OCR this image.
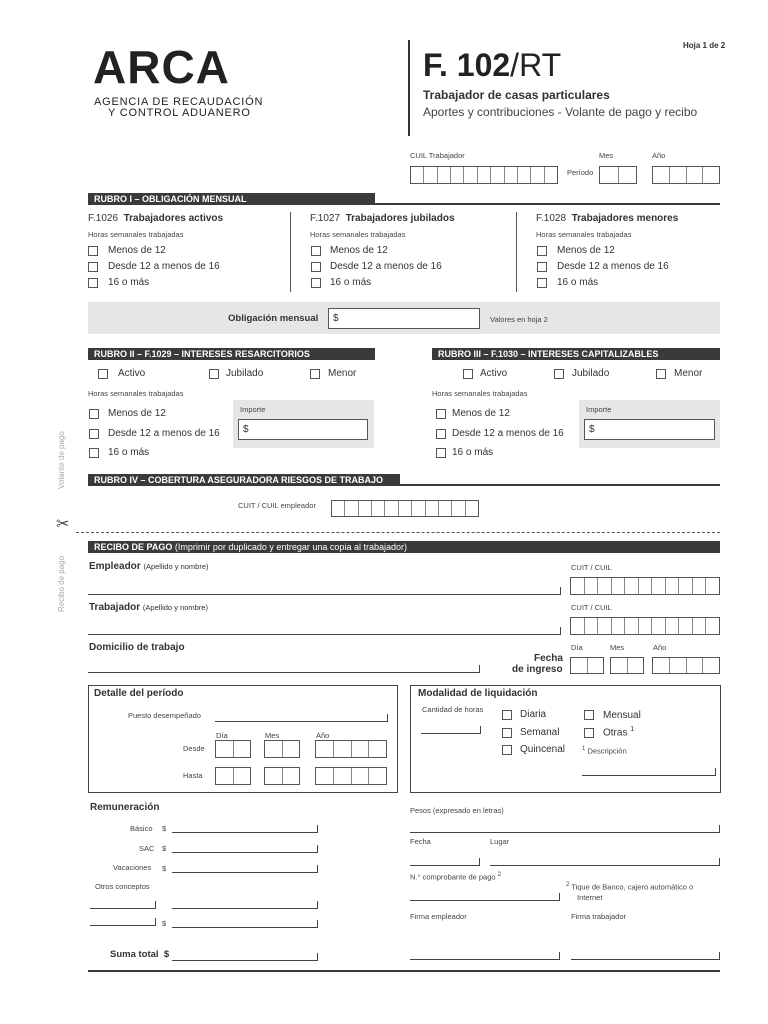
ARCA
AGENCIA DE RECAUDACIÓN
Y CONTROL ADUANERO
F. 102/RT
Hoja 1 de 2
Trabajador de casas particulares
Aportes y contribuciones - Volante de pago y recibo
CUIL Trabajador	Mes	Año
Período
RUBRO I – OBLIGACIÓN MENSUAL
F.1026 Trabajadores activos
Horas semanales trabajadas
Menos de 12
Desde 12 a menos de 16
16 o más
F.1027 Trabajadores jubilados
Horas semanales trabajadas
Menos de 12
Desde 12 a menos de 16
16 o más
F.1028 Trabajadores menores
Horas semanales trabajadas
Menos de 12
Desde 12 a menos de 16
16 o más
Obligación mensual $	Valores en hoja 2
RUBRO II – F.1029 – INTERESES RESARCITORIOS
Activo	Jubilado	Menor
Horas semanales trabajadas
Menos de 12
Desde 12 a menos de 16
16 o más
Importe
$
RUBRO III – F.1030 – INTERESES CAPITALIZABLES
Activo	Jubilado	Menor
Horas semanales trabajadas
Menos de 12
Desde 12 a menos de 16
16 o más
Importe
$
RUBRO IV – COBERTURA ASEGURADORA RIESGOS DE TRABAJO
CUIT / CUIL empleador
Volante de pago
✂
Recibo de pago
RECIBO DE PAGO (Imprimir por duplicado y entregar una copia al trabajador)
Empleador (Apellido y nombre)	CUIT / CUIL
Trabajador (Apellido y nombre)	CUIT / CUIL
Domicilio de trabajo	Día	Mes	Año
Fecha
de ingreso
Detalle del período
Puesto desempeñado
Día	Mes	Año
Desde
Hasta
Modalidad de liquidación
Cantidad de horas	Diaria
Semanal
Quincenal
Mensual
Otras $^1$
$^1$ Descripción
Remuneración
Básico $
SAC $
Vacaciones $
Otros conceptos
$
Suma total $
Pesos (expresado en letras)
Fecha	Lugar
N.° comprobante de pago $^2$
$^2$ Tique de Banco, cajero automático o
Internet
Firma empleador	Firma trabajador
